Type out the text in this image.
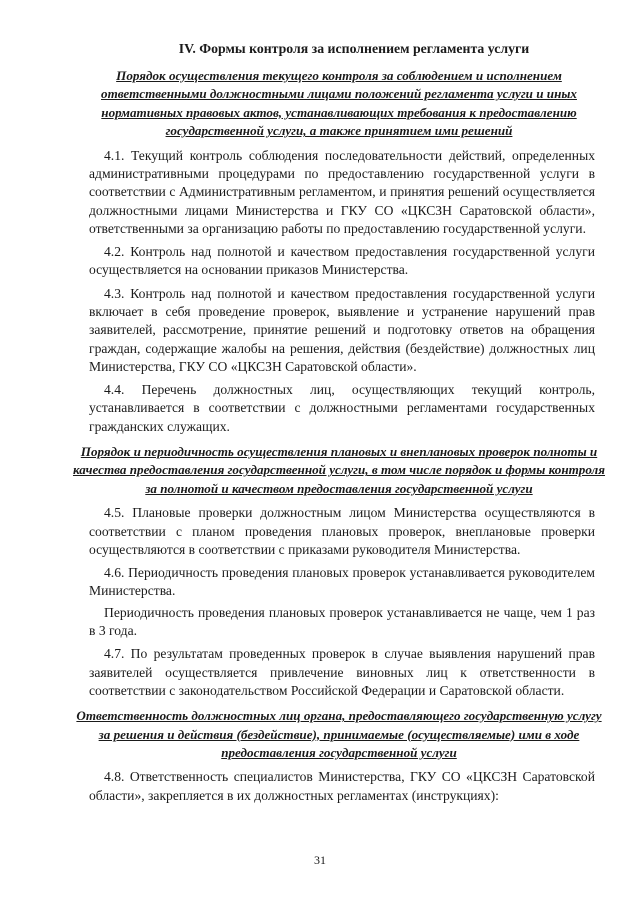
IV. Формы контроля за исполнением регламента услуги
Порядок осуществления текущего контроля за соблюдением и исполнением ответственными должностными лицами положений регламента услуги и иных нормативных правовых актов, устанавливающих требования к предоставлению государственной услуги, а также принятием ими решений
4.1. Текущий контроль соблюдения последовательности действий, определенных административными процедурами по предоставлению государственной услуги в соответствии с Административным регламентом, и принятия решений осуществляется должностными лицами Министерства и ГКУ СО «ЦКСЗН Саратовской области», ответственными за организацию работы по предоставлению государственной услуги.
4.2. Контроль над полнотой и качеством предоставления государственной услуги осуществляется на основании приказов Министерства.
4.3. Контроль над полнотой и качеством предоставления государственной услуги включает в себя проведение проверок, выявление и устранение нарушений прав заявителей, рассмотрение, принятие решений и подготовку ответов на обращения граждан, содержащие жалобы на решения, действия (бездействие) должностных лиц Министерства, ГКУ СО «ЦКСЗН Саратовской области».
4.4. Перечень должностных лиц, осуществляющих текущий контроль, устанавливается в соответствии с должностными регламентами государственных гражданских служащих.
Порядок и периодичность осуществления плановых и внеплановых проверок полноты и качества предоставления государственной услуги, в том числе порядок и формы контроля за полнотой и качеством предоставления государственной услуги
4.5. Плановые проверки должностным лицом Министерства осуществляются в соответствии с планом проведения плановых проверок, внеплановые проверки осуществляются в соответствии с приказами руководителя Министерства.
4.6. Периодичность проведения плановых проверок устанавливается руководителем Министерства.
Периодичность проведения плановых проверок устанавливается не чаще, чем 1 раз в 3 года.
4.7. По результатам проведенных проверок в случае выявления нарушений прав заявителей осуществляется привлечение виновных лиц к ответственности в соответствии с законодательством Российской Федерации и Саратовской области.
Ответственность должностных лиц органа, предоставляющего государственную услугу за решения и действия (бездействие), принимаемые (осуществляемые) ими в ходе предоставления государственной услуги
4.8. Ответственность специалистов Министерства, ГКУ СО «ЦКСЗН Саратовской области», закрепляется в их должностных регламентах (инструкциях):
31
